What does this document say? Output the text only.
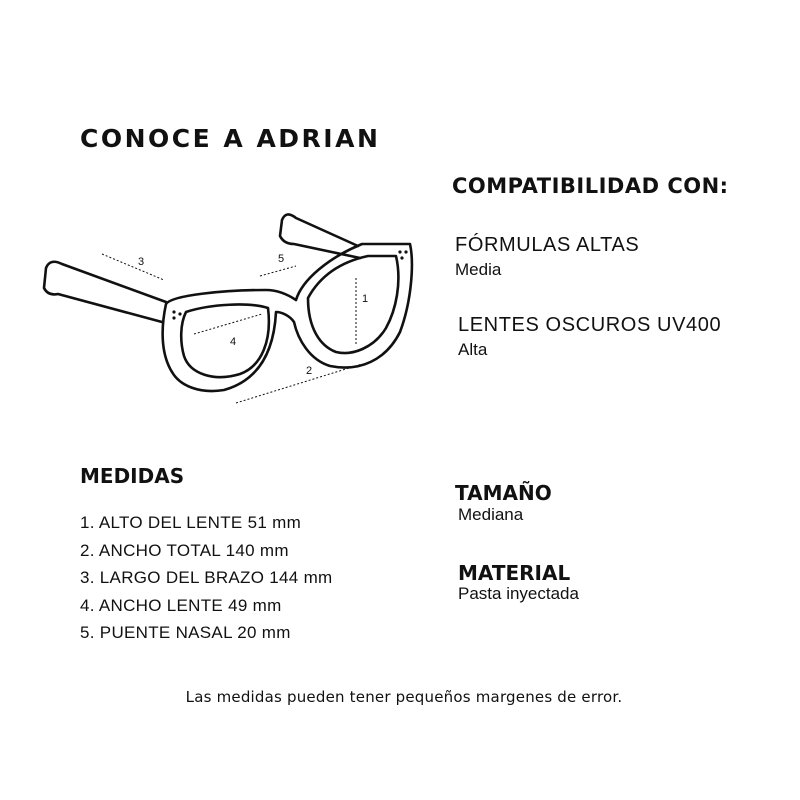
CONOCE A ADRIAN
COMPATIBILIDAD CON:
FÓRMULAS ALTAS
Media
LENTES OSCUROS UV400
Alta
3	5
1
4
2
MEDIDAS
1. ALTO DEL LENTE 51 mm
2. ANCHO TOTAL 140 mm
3. LARGO DEL BRAZO 144 mm
4. ANCHO LENTE 49 mm
5. PUENTE NASAL 20 mm
TAMAÑO
Mediana
MATERIAL
Pasta inyectada
Las medidas pueden tener pequeños margenes de error.
